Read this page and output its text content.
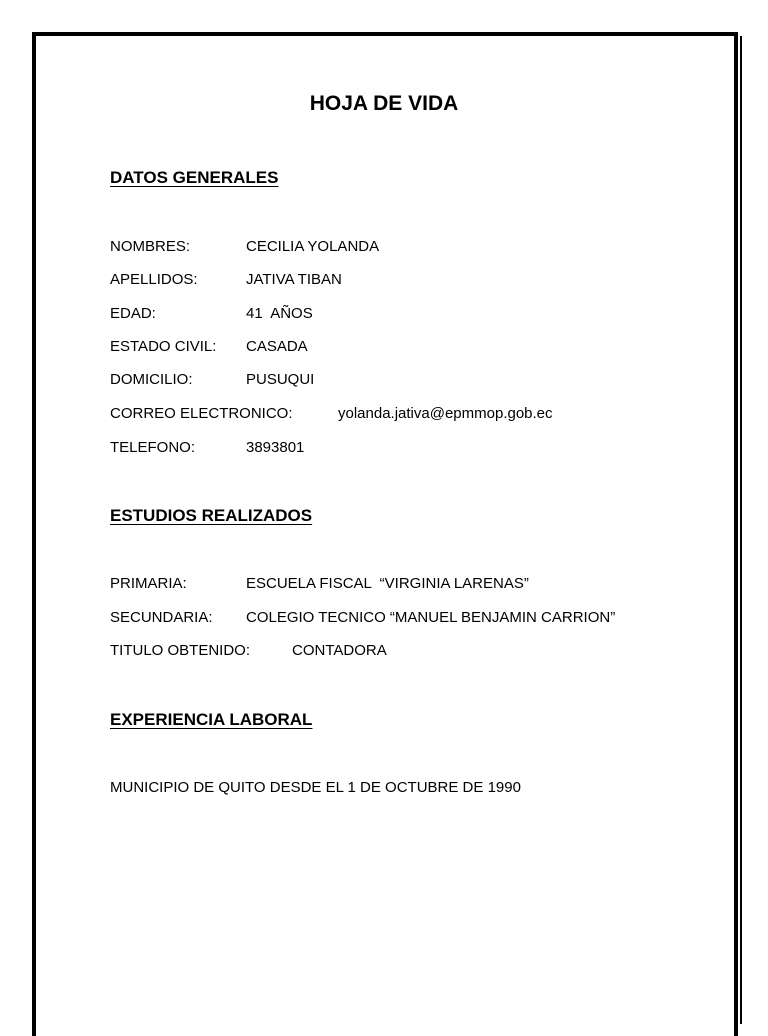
HOJA DE VIDA
DATOS GENERALES
NOMBRES:	CECILIA YOLANDA
APELLIDOS:	JATIVA TIBAN
EDAD:	41  AÑOS
ESTADO CIVIL: CASADA
DOMICILIO:	PUSUQUI
CORREO ELECTRONICO:	yolanda.jativa@epmmop.gob.ec
TELEFONO:	3893801
ESTUDIOS REALIZADOS
PRIMARIA:	ESCUELA FISCAL  “VIRGINIA LARENAS”
SECUNDARIA: COLEGIO TECNICO “MANUEL BENJAMIN CARRION”
TITULO OBTENIDO:	CONTADORA
EXPERIENCIA LABORAL
MUNICIPIO DE QUITO DESDE EL 1 DE OCTUBRE DE 1990
